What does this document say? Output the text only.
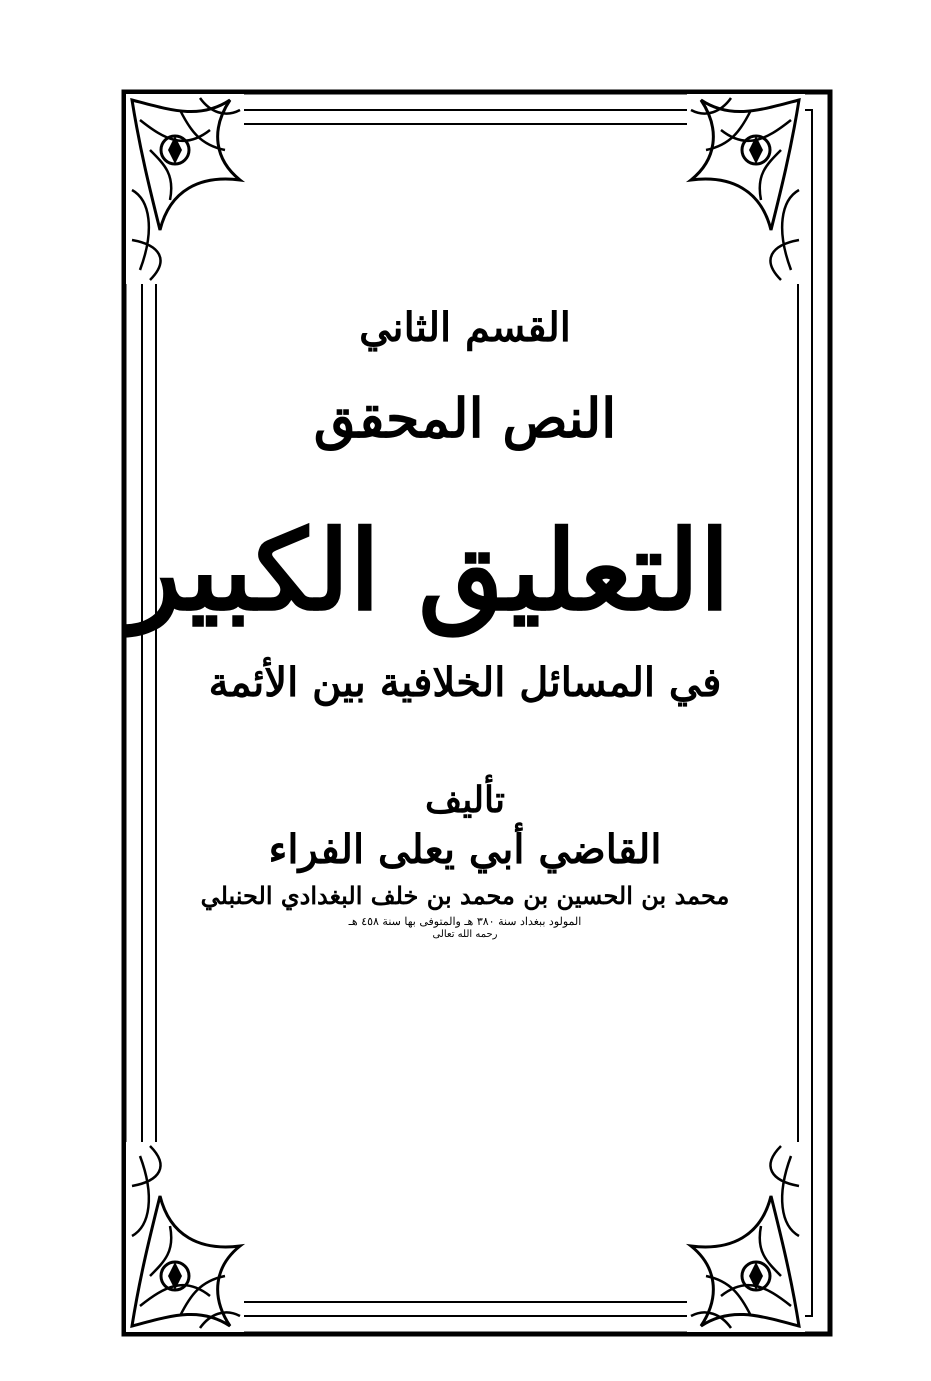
القسم الثاني
النص المحقق
التعليق الكبير
في المسائل الخلافية بين الأئمة
تأليف
القاضي أبي يعلى الفراء
محمد بن الحسين بن محمد بن خلف البغدادي الحنبلي
المولود ببغداد سنة ٣٨٠ هـ والمتوفى بها سنة ٤٥٨ هـ
رحمه الله تعالى
